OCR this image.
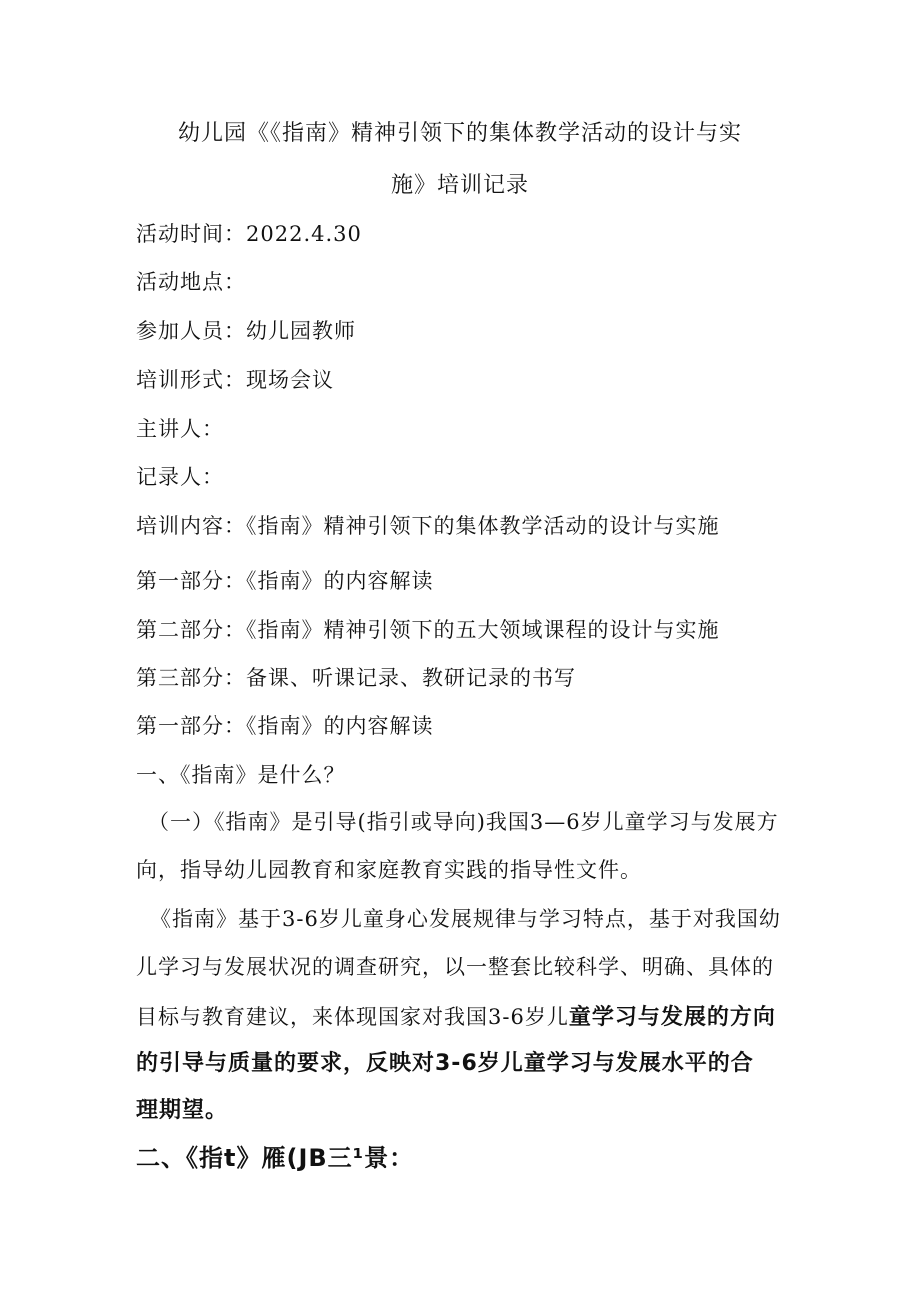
幼儿园《《指南》精神引领下的集体教学活动的设计与实
施》培训记录
活动时间：2022.4.30
活动地点：
参加人员：幼儿园教师
培训形式：现场会议
主讲人：
记录人：
培训内容：《指南》精神引领下的集体教学活动的设计与实施
第一部分：《指南》的内容解读
第二部分：《指南》精神引领下的五大领域课程的设计与实施
第三部分：备课、听课记录、教研记录的书写
第一部分：《指南》的内容解读
一、《指南》是什么？
（一）《指南》是引导(指引或导向)我国3—6岁儿童学习与发展方
向，指导幼儿园教育和家庭教育实践的指导性文件。
《指南》基于3-6岁儿童身心发展规律与学习特点，基于对我国幼
儿学习与发展状况的调查研究，以一整套比较科学、明确、具体的
目标与教育建议，来体现国家对我国3-6岁儿童学习与发展的方向
的引导与质量的要求，反映对3-6岁儿童学习与发展水平的合
理期望。
二、《指t》雁(JB三¹景：
